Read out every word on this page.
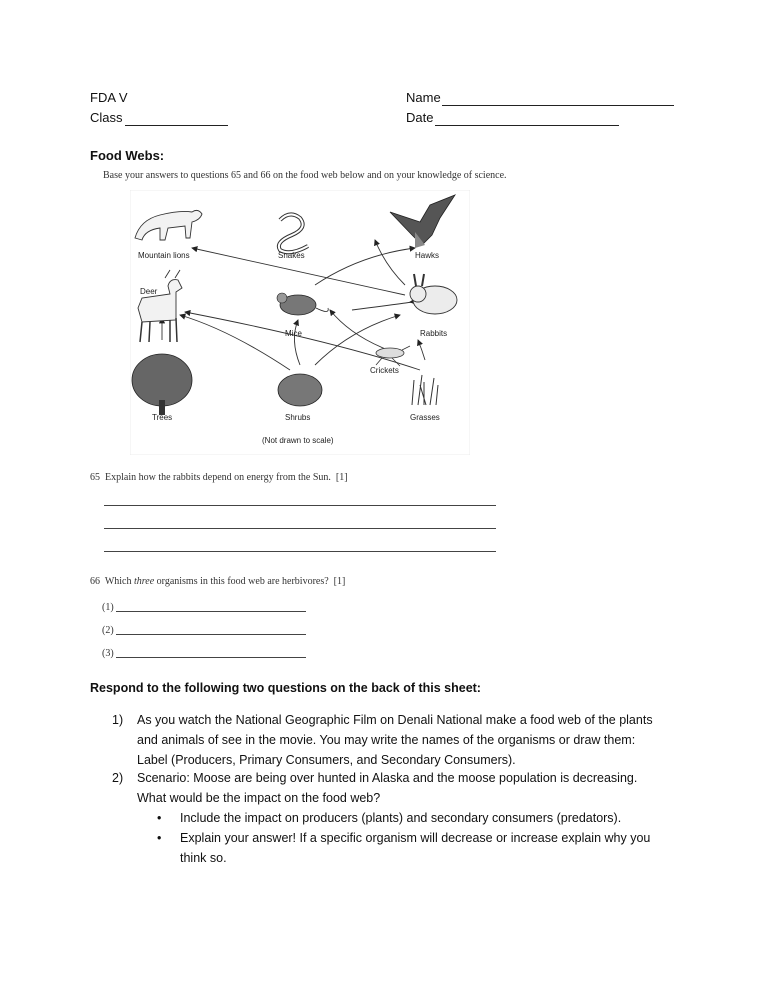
FDA V
Class
Name
Date
Food Webs:
Base your answers to questions 65 and 66 on the food web below and on your knowledge of science.
Mountain lions	Snakes	Hawks
Deer
Mice	Rabbits
Crickets
Trees	Shrubs	Grasses
(Not drawn to scale)
65 Explain how the rabbits depend on energy from the Sun. [1]
66 Which three organisms in this food web are herbivores? [1]
(1)
(2)
(3)
Respond to the following two questions on the back of this sheet:
1) As you watch the National Geographic Film on Denali National make a food web of the plants and animals of see in the movie. You may write the names of the organisms or draw them: Label (Producers, Primary Consumers, and Secondary Consumers).
2) Scenario: Moose are being over hunted in Alaska and the moose population is decreasing. What would be the impact on the food web?
• Include the impact on producers (plants) and secondary consumers (predators).
• Explain your answer! If a specific organism will decrease or increase explain why you think so.
